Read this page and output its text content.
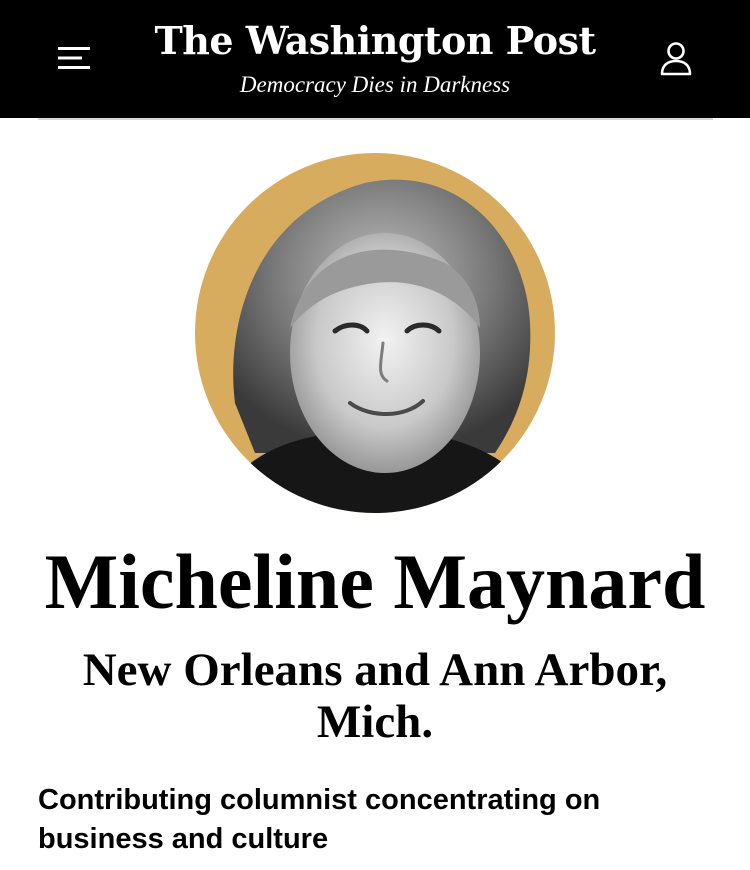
The Washington Post
Democracy Dies in Darkness
Micheline Maynard
New Orleans and Ann Arbor, Mich.

Contributing columnist concentrating on business and culture
